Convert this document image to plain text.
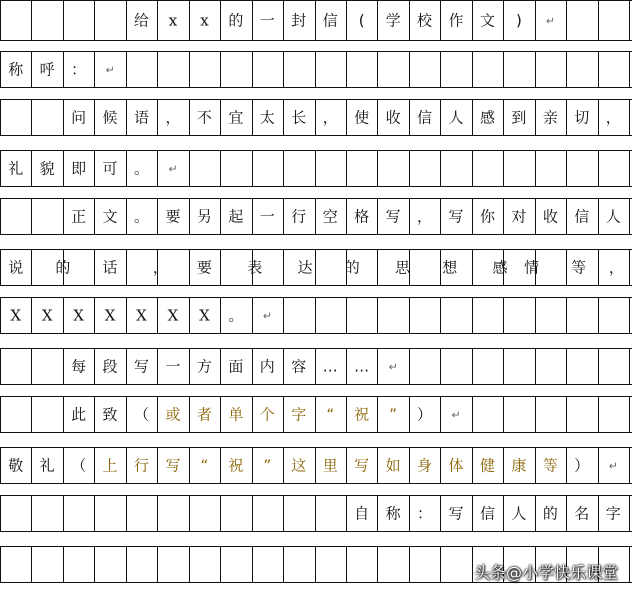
给 x x 的 一 封 信 ( 学 校 作 文 ) ↵
称 呼 ： ↵
问 候 语 ， 不 宜 太 长 ， 使 收 信 人 感 到 亲 切 ，
礼 貌 即 可 。 ↵
正 文 。 要 另 起 一 行 空 格 写 ， 写 你 对 收 信 人
说 的 话 ， 要 表 达 的 思 想 感 情 等 ，
X X X X X X X 。 ↵
每 段 写 一 方 面 内 容 … … ↵
此 致 （ 或 者 单 个 字 “ 祝 ” ） ↵
敬 礼 （ 上 行 写 “ 祝 ” 这 里 写 如 身 体 健 康 等 ） ↵
自 称 ： 写 信 人 的 名 字
头条@小学快乐课堂
